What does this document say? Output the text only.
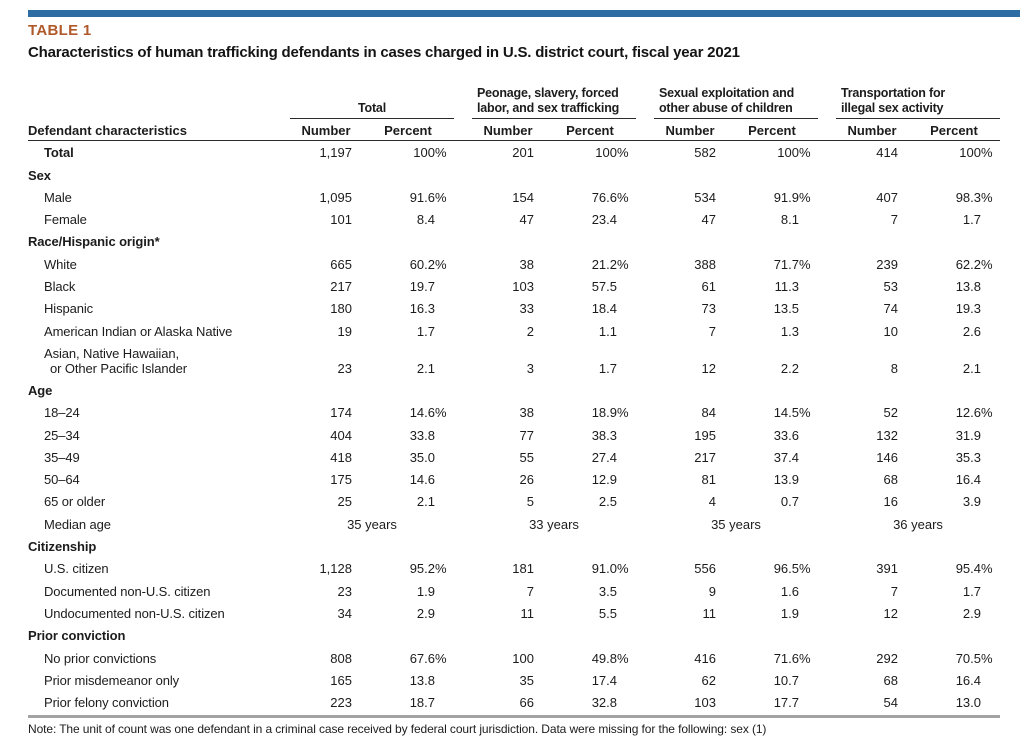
TABLE 1
Characteristics of human trafficking defendants in cases charged in U.S. district court, fiscal year 2021
Total
Peonage, slavery, forced
labor, and sex trafficking
Sexual exploitation and
other abuse of children
Transportation for
illegal sex activity
Defendant characteristics	Number	Percent	Number	Percent	Number	Percent	Number	Percent
Total	1,197	100 %	201	100 %	582	100 %	414	100 %
Sex
Male	1,095	91.6 %	154	76.6 %	534	91.9 %	407	98.3 %
Female	101	8.4	47	23.4	47	8.1	7	1.7
Race/Hispanic origin*
White	665	60.2 %	38	21.2 %	388	71.7 %	239	62.2 %
Black	217	19.7	103	57.5	61	11.3	53	13.8
Hispanic	180	16.3	33	18.4	73	13.5	74	19.3
American Indian or Alaska Native	19	1.7	2	1.1	7	1.3	10	2.6
Asian, Native Hawaiian,
or Other Pacific Islander	23	2.1	3	1.7	12	2.2	8	2.1
Age
18–24	174	14.6 %	38	18.9 %	84	14.5 %	52	12.6 %
25–34	404	33.8	77	38.3	195	33.6	132	31.9
35–49	418	35.0	55	27.4	217	37.4	146	35.3
50–64	175	14.6	26	12.9	81	13.9	68	16.4
65 or older	25	2.1	5	2.5	4	0.7	16	3.9
Median age	35 years	33 years	35 years	36 years
Citizenship
U.S. citizen	1,128	95.2 %	181	91.0 %	556	96.5 %	391	95.4 %
Documented non-U.S. citizen	23	1.9	7	3.5	9	1.6	7	1.7
Undocumented non-U.S. citizen	34	2.9	11	5.5	11	1.9	12	2.9
Prior conviction
No prior convictions	808	67.6 %	100	49.8 %	416	71.6 %	292	70.5 %
Prior misdemeanor only	165	13.8	35	17.4	62	10.7	68	16.4
Prior felony conviction	223	18.7	66	32.8	103	17.7	54	13.0
Note: The unit of count was one defendant in a criminal case received by federal court jurisdiction. Data were missing for the following: sex (1)
